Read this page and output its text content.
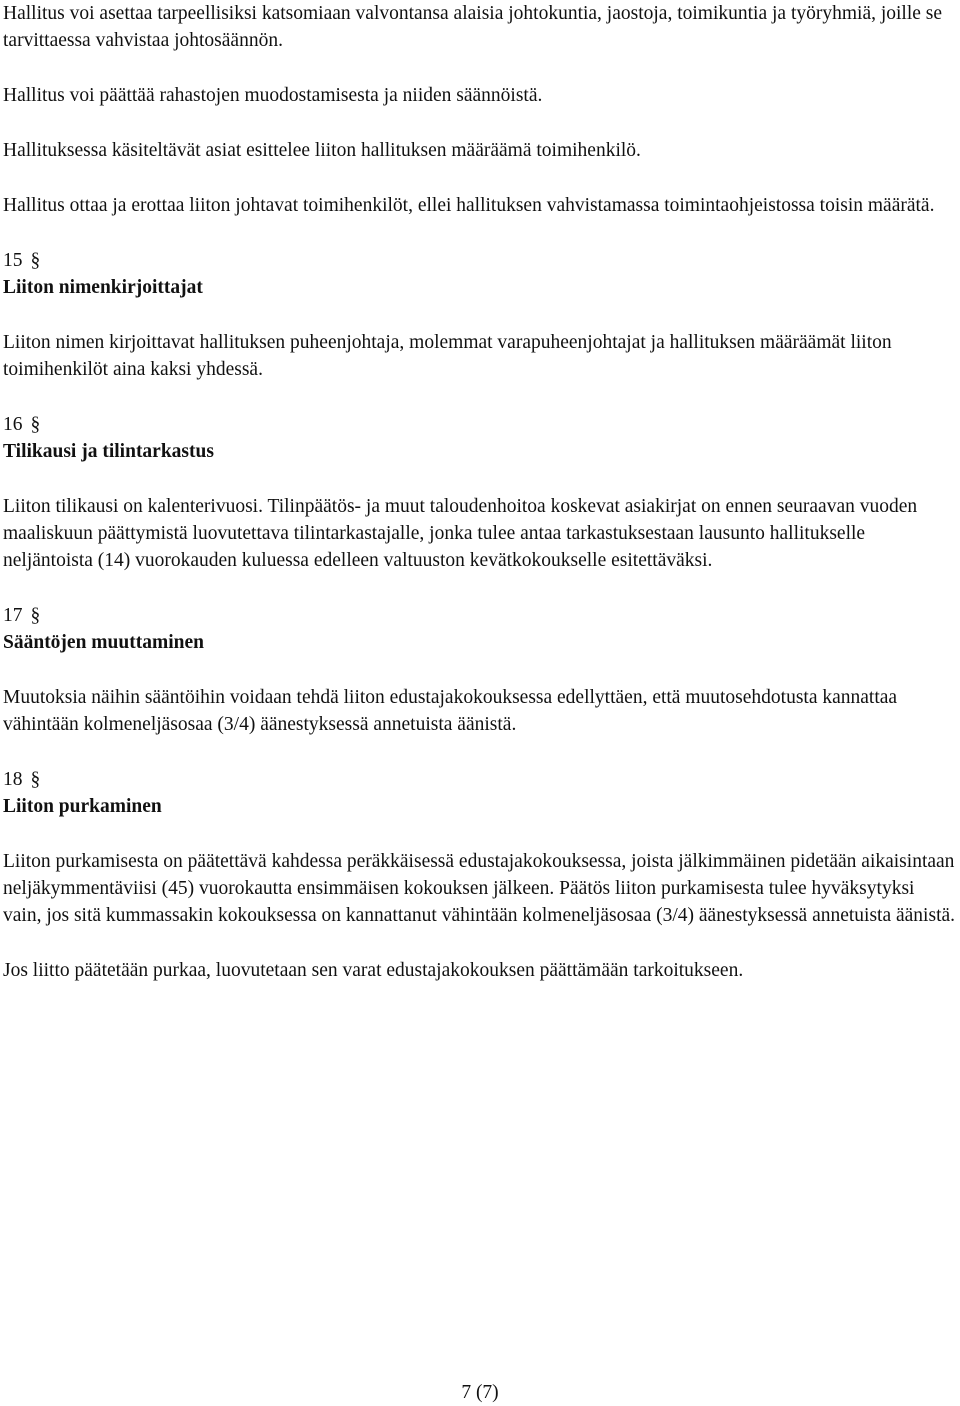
Hallitus voi asettaa tarpeellisiksi katsomiaan valvontansa alaisia johtokuntia, jaostoja, toimikuntia ja työryhmiä, joille se tarvittaessa vahvistaa johtosäännön.

Hallitus voi päättää rahastojen muodostamisesta ja niiden säännöistä.

Hallituksessa käsiteltävät asiat esittelee liiton hallituksen määräämä toimihenkilö.

Hallitus ottaa ja erottaa liiton johtavat toimihenkilöt, ellei hallituksen vahvistamassa toimintaohjeistossa toisin määrätä.

15 §

Liiton nimenkirjoittajat

Liiton nimen kirjoittavat hallituksen puheenjohtaja, molemmat varapuheenjohtajat ja hallituksen määräämät liiton toimihenkilöt aina kaksi yhdessä.

16 §

Tilikausi ja tilintarkastus

Liiton tilikausi on kalenterivuosi. Tilinpäätös- ja muut taloudenhoitoa koskevat asiakirjat on ennen seuraavan vuoden maaliskuun päättymistä luovutettava tilintarkastajalle, jonka tulee antaa tarkastuksestaan lausunto hallitukselle neljäntoista (14) vuorokauden kuluessa edelleen valtuuston kevätkokoukselle esitettäväksi.

17 §

Sääntöjen muuttaminen

Muutoksia näihin sääntöihin voidaan tehdä liiton edustajakokouksessa edellyttäen, että muutosehdotusta kannattaa vähintään kolmeneljäsosaa (3/4) äänestyksessä annetuista äänistä.

18 §

Liiton purkaminen

Liiton purkamisesta on päätettävä kahdessa peräkkäisessä edustajakokouksessa, joista jälkimmäinen pidetään aikaisintaan neljäkymmentäviisi (45) vuorokautta ensimmäisen kokouksen jälkeen. Päätös liiton purkamisesta tulee hyväksytyksi vain, jos sitä kummassakin kokouksessa on kannattanut vähintään kolmeneljäsosaa (3/4) äänestyksessä annetuista äänistä.

Jos liitto päätetään purkaa, luovutetaan sen varat edustajakokouksen päättämään tarkoitukseen.

7 (7)
